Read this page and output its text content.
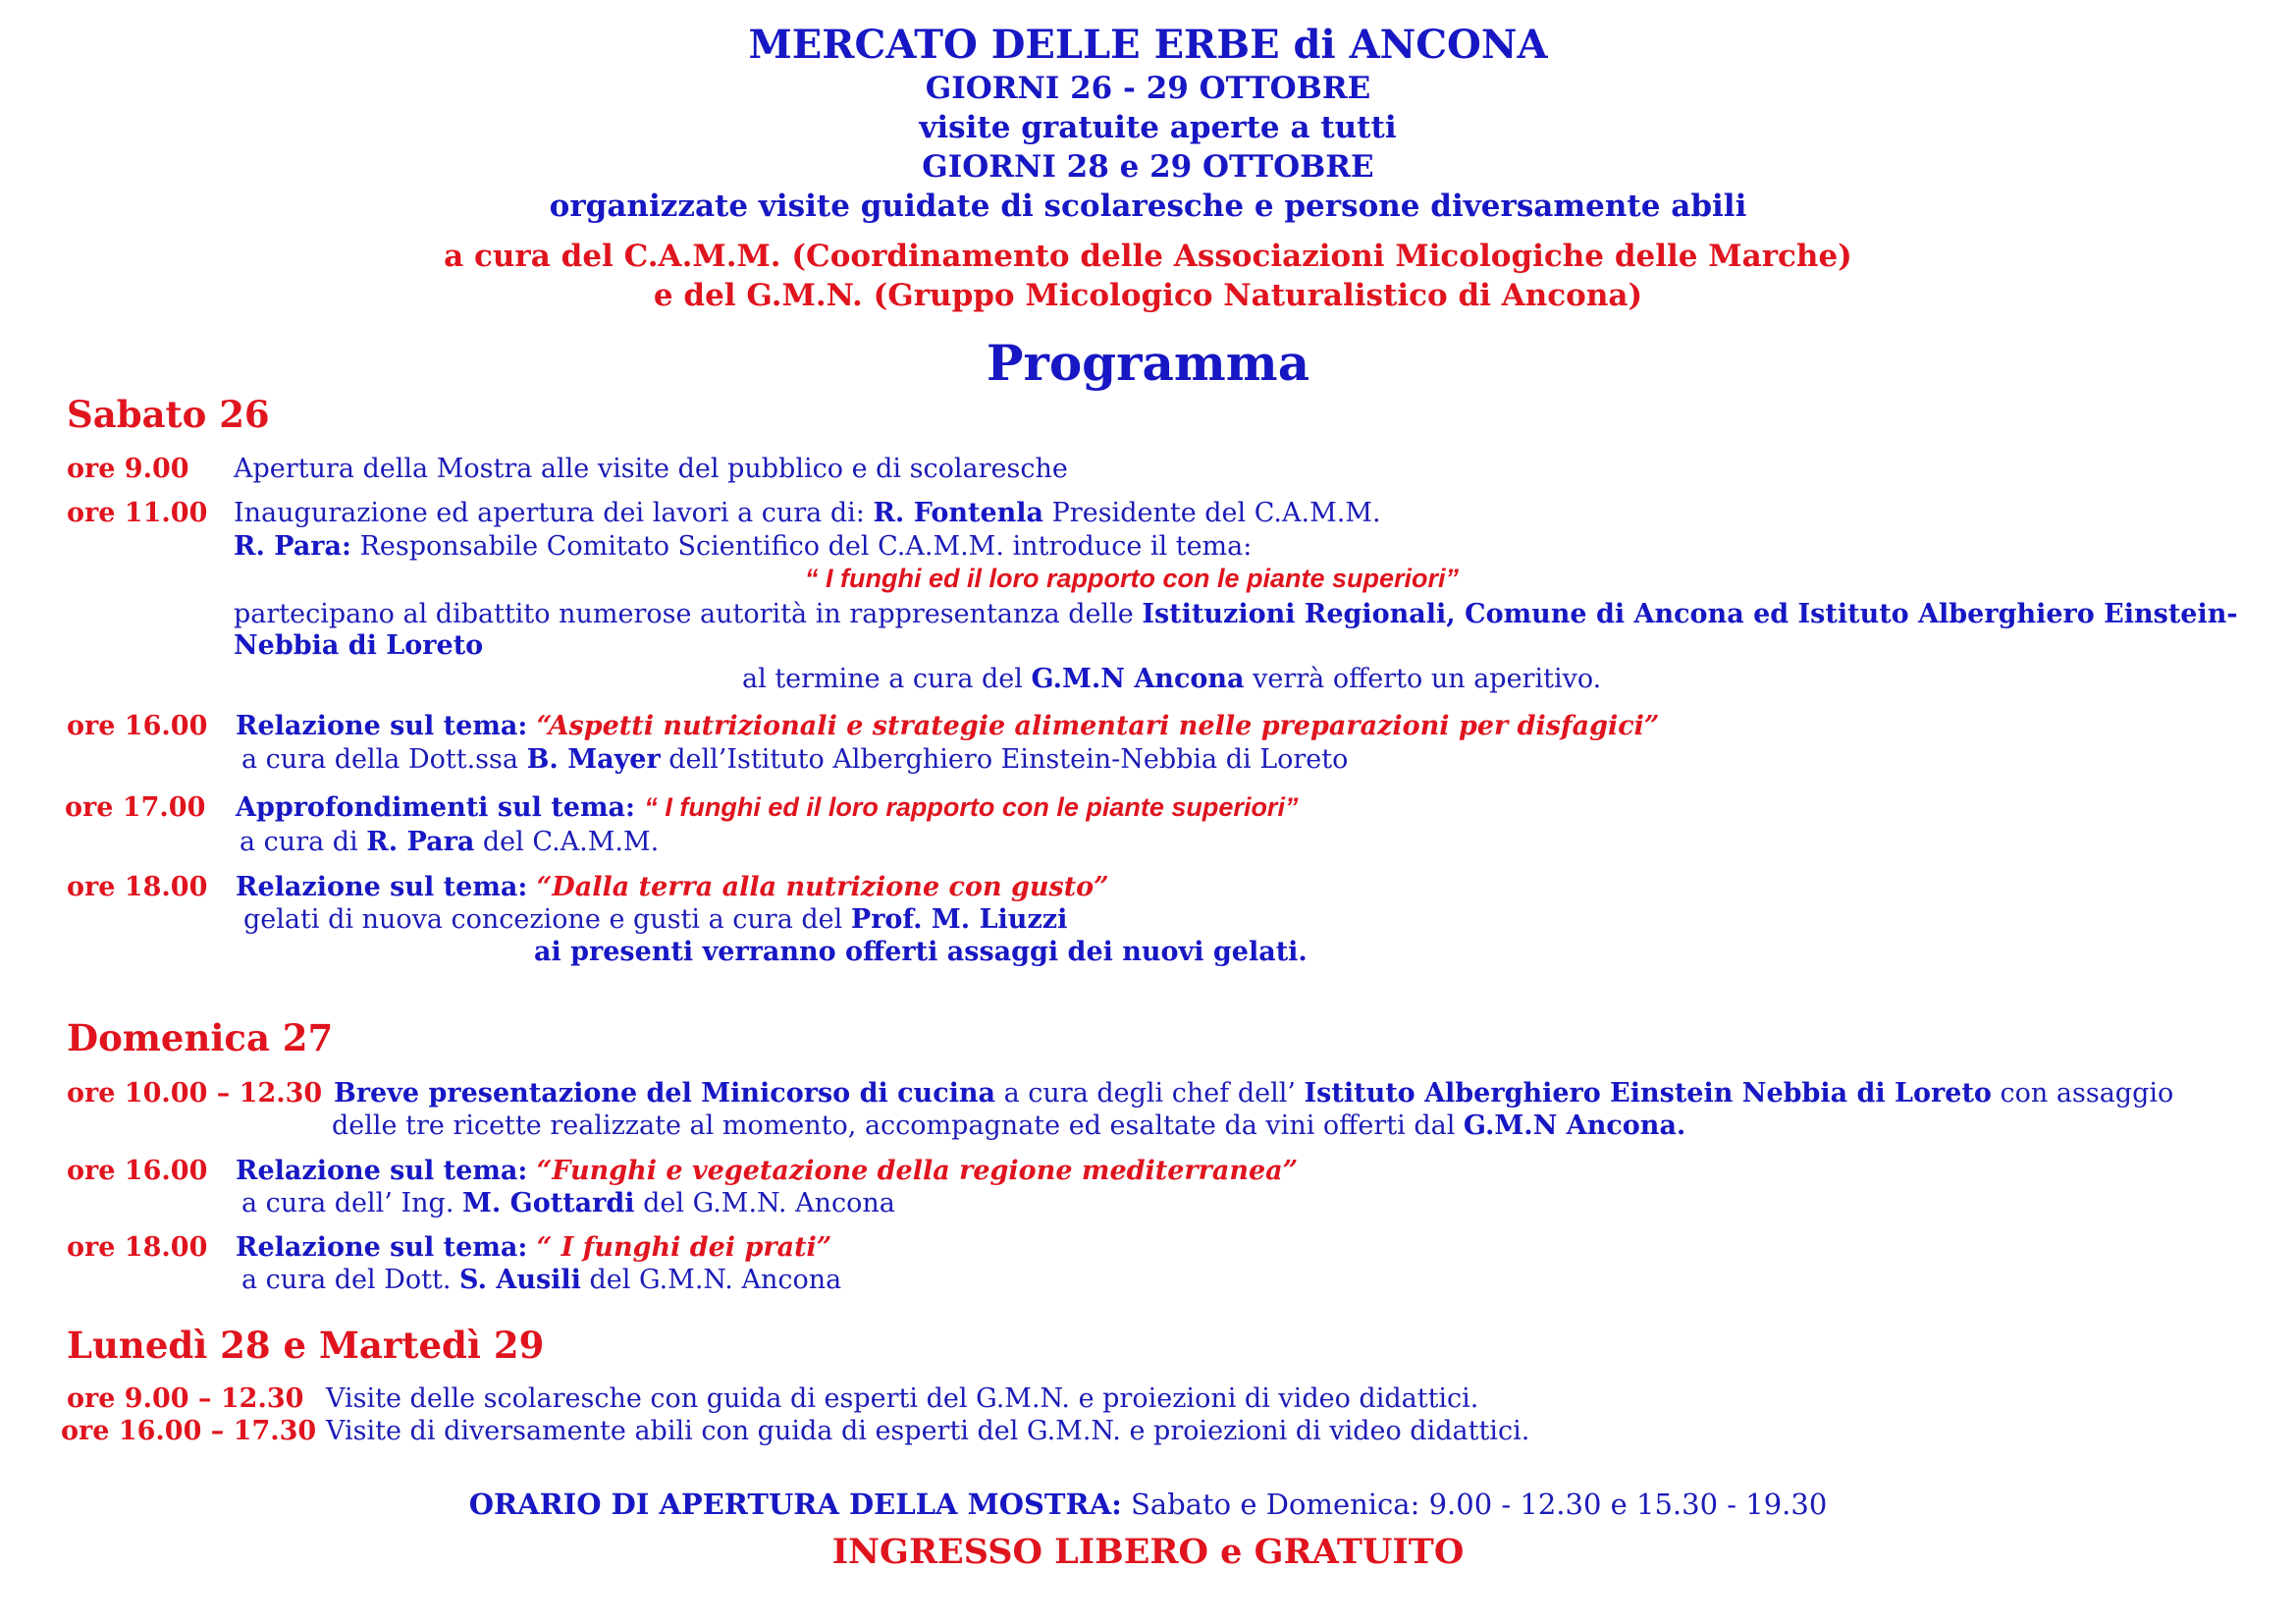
MERCATO DELLE ERBE di ANCONA
GIORNI 26 - 29 OTTOBRE
visite gratuite aperte a tutti
GIORNI 28 e 29 OTTOBRE
organizzate visite guidate di scolaresche e persone diversamente abili
a cura del C.A.M.M. (Coordinamento delle Associazioni Micologiche delle Marche)
e del G.M.N. (Gruppo Micologico Naturalistico di Ancona)
Programma
Sabato 26
ore 9.00 Apertura della Mostra alle visite del pubblico e di scolaresche
ore 11.00 Inaugurazione ed apertura dei lavori a cura di: R. Fontenla Presidente del C.A.M.M.
R. Para: Responsabile Comitato Scientifico del C.A.M.M. introduce il tema:
“ I funghi ed il loro rapporto con le piante superiori”
partecipano al dibattito numerose autorità in rappresentanza delle Istituzioni Regionali, Comune di Ancona ed Istituto Alberghiero Einstein-
Nebbia di Loreto
al termine a cura del G.M.N Ancona verrà offerto un aperitivo.
ore 16.00 Relazione sul tema: “Aspetti nutrizionali e strategie alimentari nelle preparazioni per disfagici”
a cura della Dott.ssa B. Mayer dell’Istituto Alberghiero Einstein-Nebbia di Loreto
ore 17.00 Approfondimenti sul tema: “ I funghi ed il loro rapporto con le piante superiori”
a cura di R. Para del C.A.M.M.
ore 18.00 Relazione sul tema: “Dalla terra alla nutrizione con gusto”
gelati di nuova concezione e gusti a cura del Prof. M. Liuzzi
ai presenti verranno offerti assaggi dei nuovi gelati.
Domenica 27
ore 10.00 – 12.30 Breve presentazione del Minicorso di cucina a cura degli chef dell’ Istituto Alberghiero Einstein Nebbia di Loreto con assaggio
delle tre ricette realizzate al momento, accompagnate ed esaltate da vini offerti dal G.M.N Ancona.
ore 16.00 Relazione sul tema: “Funghi e vegetazione della regione mediterranea”
a cura dell’ Ing. M. Gottardi del G.M.N. Ancona
ore 18.00 Relazione sul tema: “ I funghi dei prati”
a cura del Dott. S. Ausili del G.M.N. Ancona
Lunedì 28 e Martedì 29
ore 9.00 – 12.30 Visite delle scolaresche con guida di esperti del G.M.N. e proiezioni di video didattici.
ore 16.00 – 17.30 Visite di diversamente abili con guida di esperti del G.M.N. e proiezioni di video didattici.
ORARIO DI APERTURA DELLA MOSTRA: Sabato e Domenica: 9.00 - 12.30 e 15.30 - 19.30
INGRESSO LIBERO e GRATUITO
